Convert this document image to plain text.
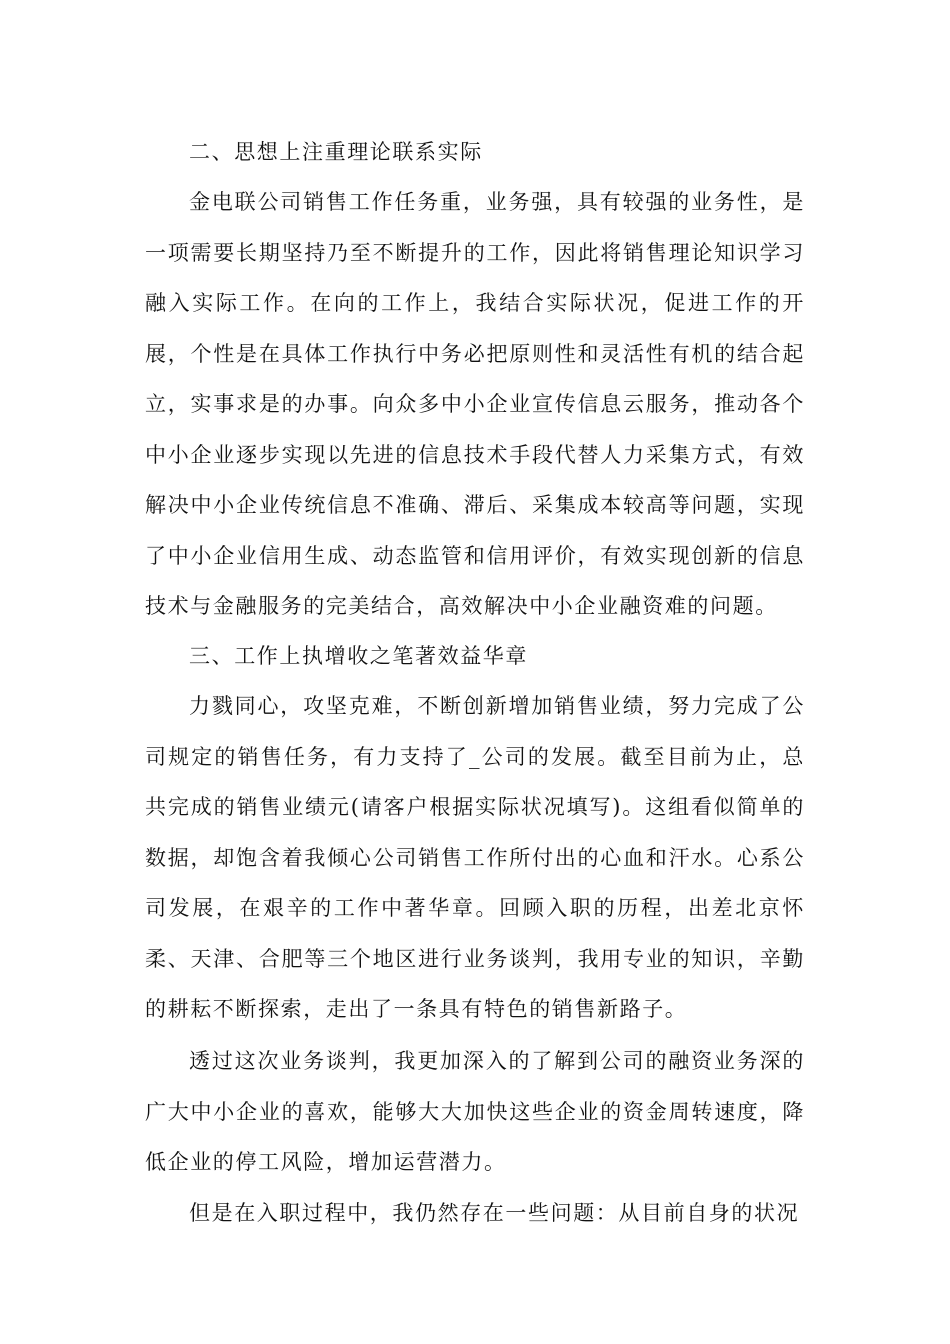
二、思想上注重理论联系实际

金电联公司销售工作任务重，业务强，具有较强的业务性，是一项需要长期坚持乃至不断提升的工作，因此将销售理论知识学习融入实际工作。在向的工作上，我结合实际状况，促进工作的开展，个性是在具体工作执行中务必把原则性和灵活性有机的结合起立，实事求是的办事。向众多中小企业宣传信息云服务，推动各个中小企业逐步实现以先进的信息技术手段代替人力采集方式，有效解决中小企业传统信息不准确、滞后、采集成本较高等问题，实现了中小企业信用生成、动态监管和信用评价，有效实现创新的信息技术与金融服务的完美结合，高效解决中小企业融资难的问题。

三、工作上执增收之笔著效益华章

力戮同心，攻坚克难，不断创新增加销售业绩，努力完成了公司规定的销售任务，有力支持了_公司的发展。截至目前为止，总共完成的销售业绩元(请客户根据实际状况填写)。这组看似简单的数据，却饱含着我倾心公司销售工作所付出的心血和汗水。心系公司发展，在艰辛的工作中著华章。回顾入职的历程，出差北京怀柔、天津、合肥等三个地区进行业务谈判，我用专业的知识，辛勤的耕耘不断探索，走出了一条具有特色的销售新路子。

透过这次业务谈判，我更加深入的了解到公司的融资业务深的广大中小企业的喜欢，能够大大加快这些企业的资金周转速度，降低企业的停工风险，增加运营潜力。

但是在入职过程中，我仍然存在一些问题：从目前自身的状况
